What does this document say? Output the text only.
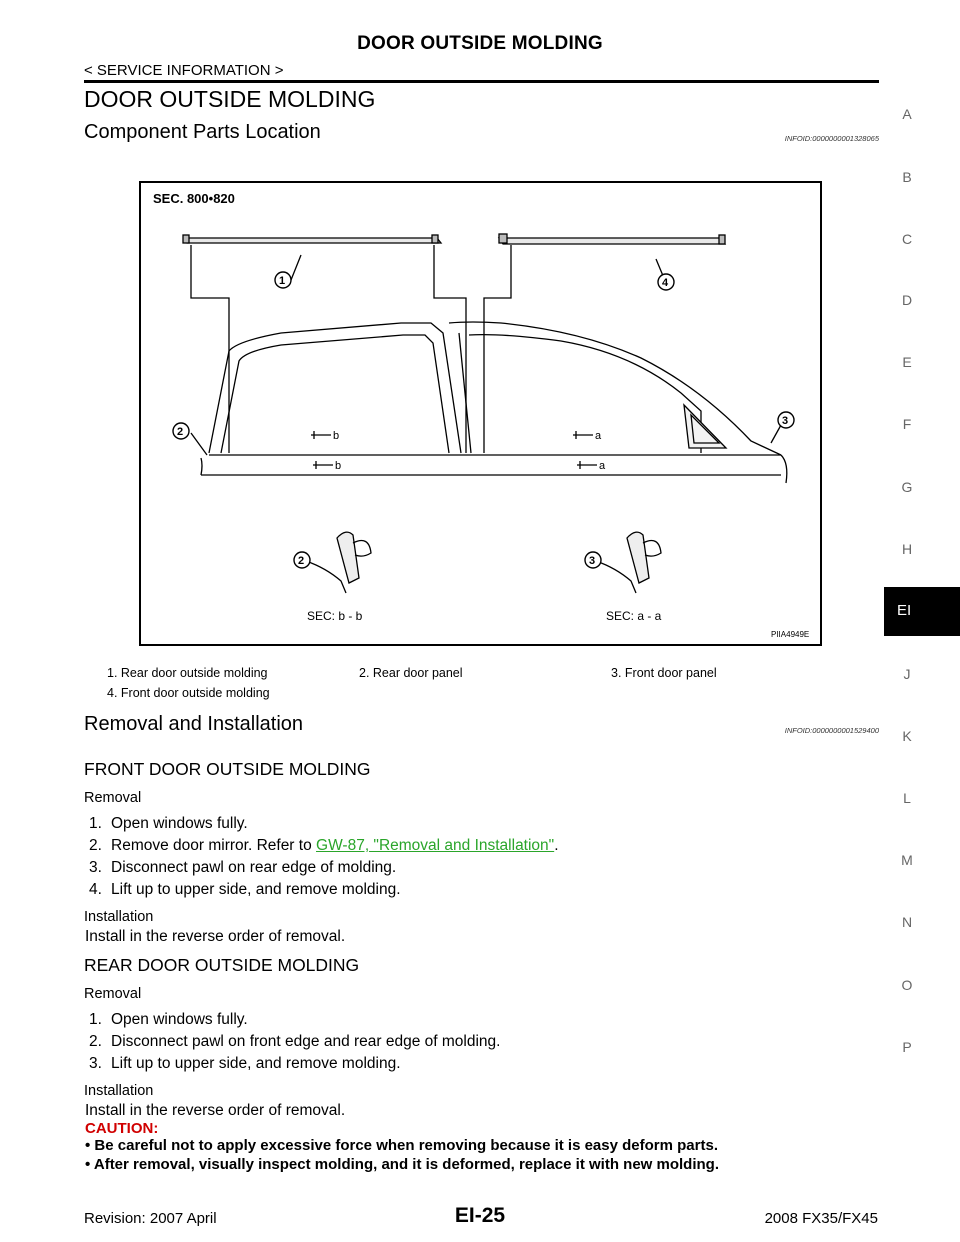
DOOR OUTSIDE MOLDING
< SERVICE INFORMATION >
DOOR OUTSIDE MOLDING
Component Parts Location	INFOID:0000000001328065
A
B
C
D
E
F
G
H
J
K
L
M
N
O
P
EI
SEC. 800•820
1
2
3
4
2	3
b
b
a
a
SEC: b - b	SEC: a - a
PIIA4949E
1. Rear door outside molding	2. Rear door panel	3. Front door panel
4. Front door outside molding
Removal and Installation	INFOID:0000000001529400
FRONT DOOR OUTSIDE MOLDING
Removal
1. Open windows fully.
2. Remove door mirror. Refer to GW-87, "Removal and Installation".
3. Disconnect pawl on rear edge of molding.
4. Lift up to upper side, and remove molding.
Installation
Install in the reverse order of removal.
REAR DOOR OUTSIDE MOLDING
Removal
1. Open windows fully.
2. Disconnect pawl on front edge and rear edge of molding.
3. Lift up to upper side, and remove molding.
Installation
Install in the reverse order of removal.
CAUTION:
• Be careful not to apply excessive force when removing because it is easy deform parts.
• After removal, visually inspect molding, and it is deformed, replace it with new molding.
Revision: 2007 April	EI-25	2008 FX35/FX45
